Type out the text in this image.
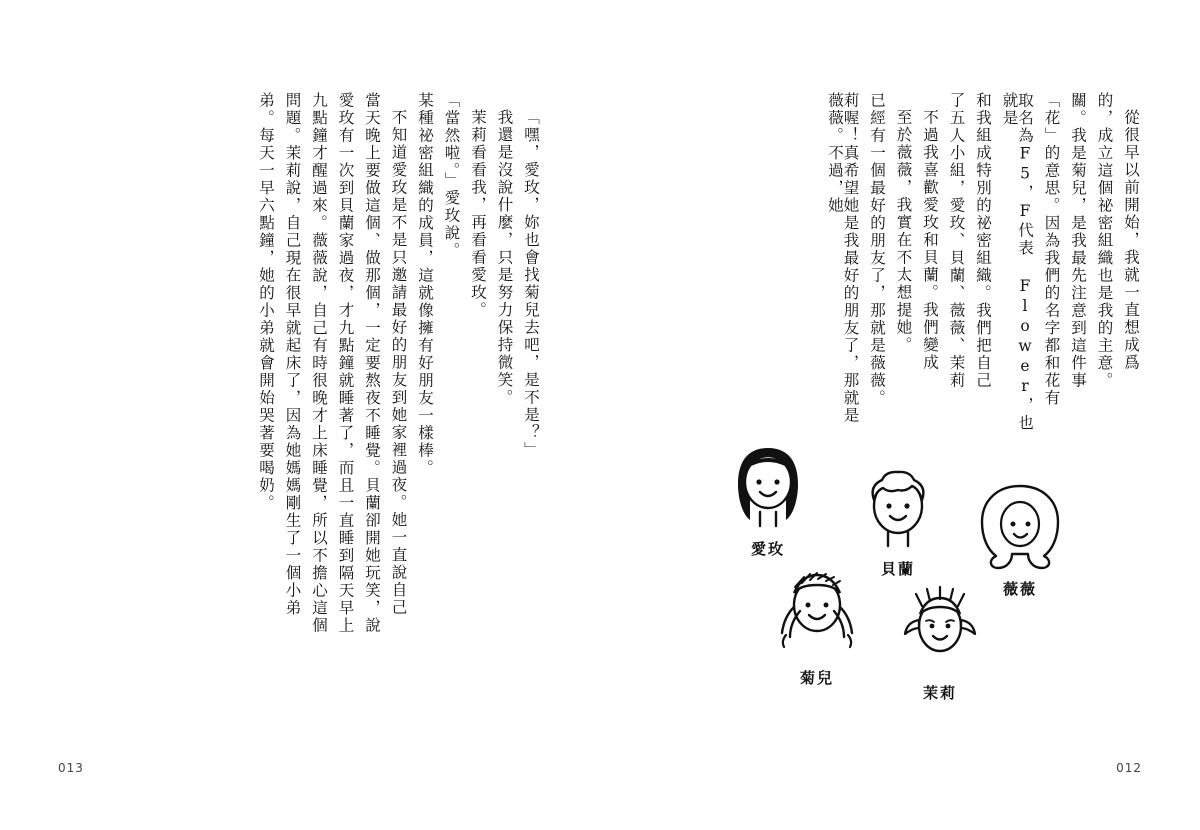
莉喔！真希望她是我最好的朋友了，那就是薇薇。不過，她	已經有一個最好的朋友了，那就是薇薇。 至於薇薇，我實在不太想提她。 不過我喜歡愛玫和貝蘭。我們變成 了五人小組，愛玫、貝蘭、薇薇、茉莉 和我組成特別的祕密組織。我們把自己	取名為F5，F代表 Flower，也就是	「花」的意思。因為我們的名字都和花有 關。我是菊兒，是我最先注意到這件事 的，成立這個祕密組織也是我的主意。 從很早以前開始，我就一直想成爲
012
愛玫
貝蘭
薇薇
菊兒
茉莉
弟。每天一早六點鐘，她的小弟就會開始哭著要喝奶。 問題。茉莉說，自己現在很早就起床了，因為她媽媽剛生了一個小弟 九點鐘才醒過來。薇薇說，自己有時很晚才上床睡覺，所以不擔心這個 愛玫有一次到貝蘭家過夜，才九點鐘就睡著了，而且一直睡到隔天早上 當天晚上要做這個、做那個，一定要熬夜不睡覺。貝蘭卻開她玩笑，說 不知道愛玫是不是只邀請最好的朋友到她家裡過夜。她一直說自己 某種祕密組織的成員，這就像擁有好朋友一樣棒。 「當然啦。」愛玫說。 茉莉看看我，再看看愛玫。 我還是沒說什麼，只是努力保持微笑。 「嘿，愛玫，妳也會找菊兒去吧，是不是？」
013
